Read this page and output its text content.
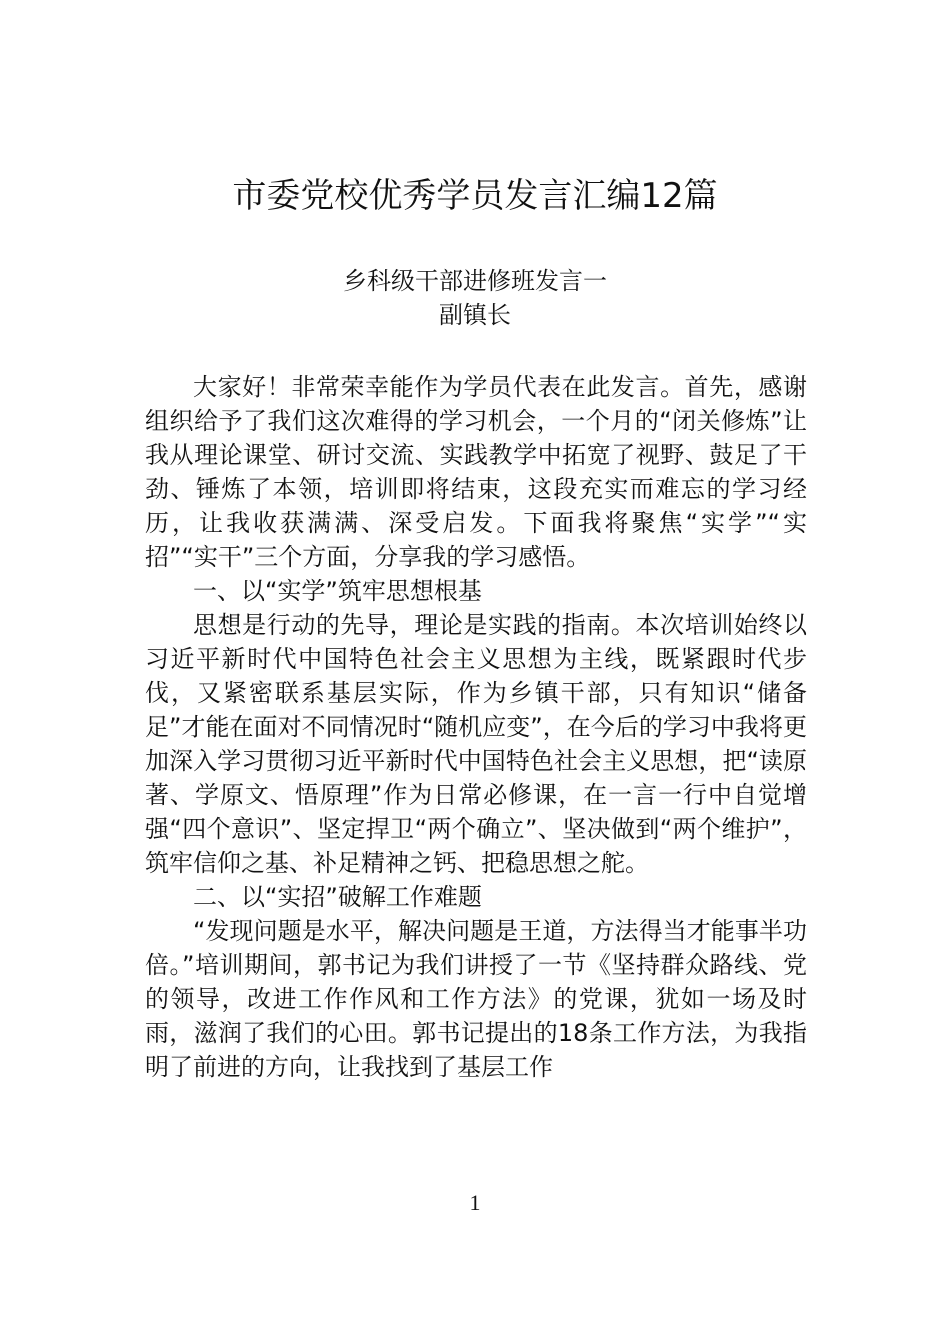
市委党校优秀学员发言汇编12篇
乡科级干部进修班发言一
副镇长

大家好！非常荣幸能作为学员代表在此发言。首先，感谢组织给予了我们这次难得的学习机会，一个月的“闭关修炼”让我从理论课堂、研讨交流、实践教学中拓宽了视野、鼓足了干劲、锤炼了本领，培训即将结束，这段充实而难忘的学习经历，让我收获满满、深受启发。下面我将聚焦“实学”“实招”“实干”三个方面，分享我的学习感悟。

一、以“实学”筑牢思想根基

思想是行动的先导，理论是实践的指南。本次培训始终以习近平新时代中国特色社会主义思想为主线，既紧跟时代步伐，又紧密联系基层实际，作为乡镇干部，只有知识“储备足”才能在面对不同情况时“随机应变”，在今后的学习中我将更加深入学习贯彻习近平新时代中国特色社会主义思想，把“读原著、学原文、悟原理”作为日常必修课，在一言一行中自觉增强“四个意识”、坚定捍卫“两个确立”、坚决做到“两个维护”，筑牢信仰之基、补足精神之钙、把稳思想之舵。

二、以“实招”破解工作难题

“发现问题是水平，解决问题是王道，方法得当才能事半功倍。”培训期间，郭书记为我们讲授了一节《坚持群众路线、党的领导，改进工作作风和工作方法》的党课，犹如一场及时雨，滋润了我们的心田。郭书记提出的18条工作方法，为我指明了前进的方向，让我找到了基层工作

1
